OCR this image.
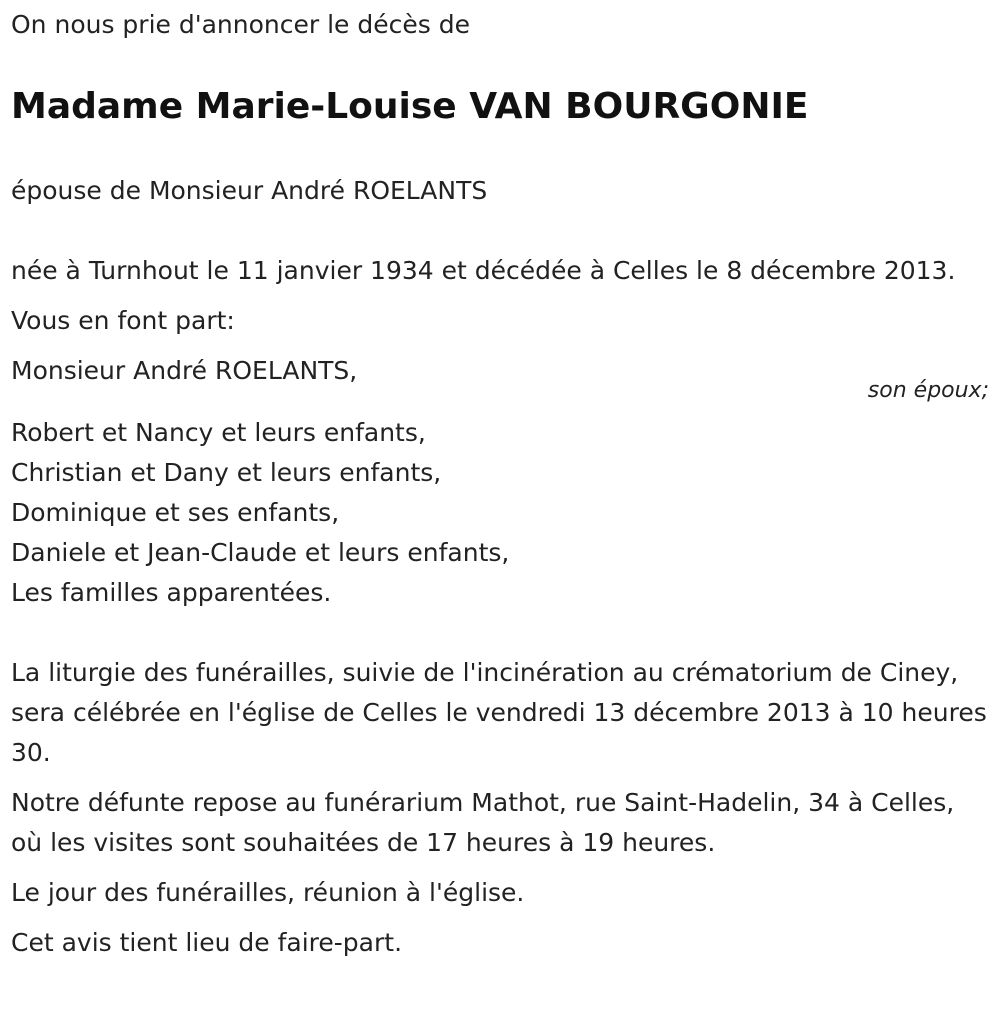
On nous prie d'annoncer le décès de

Madame Marie-Louise VAN BOURGONIE

épouse de Monsieur André ROELANTS

née à Turnhout le 11 janvier 1934 et décédée à Celles le 8 décembre 2013.

Vous en font part:

Monsieur André ROELANTS,
son époux;

Robert et Nancy et leurs enfants,

Christian et Dany et leurs enfants,

Dominique et ses enfants,

Daniele et Jean-Claude et leurs enfants,

Les familles apparentées.

La liturgie des funérailles, suivie de l'incinération au crématorium de Ciney, sera célébrée en l'église de Celles le vendredi 13 décembre 2013 à 10 heures 30.

Notre défunte repose au funérarium Mathot, rue Saint-Hadelin, 34 à Celles, où les visites sont souhaitées de 17 heures à 19 heures.

Le jour des funérailles, réunion à l'église.

Cet avis tient lieu de faire-part.
